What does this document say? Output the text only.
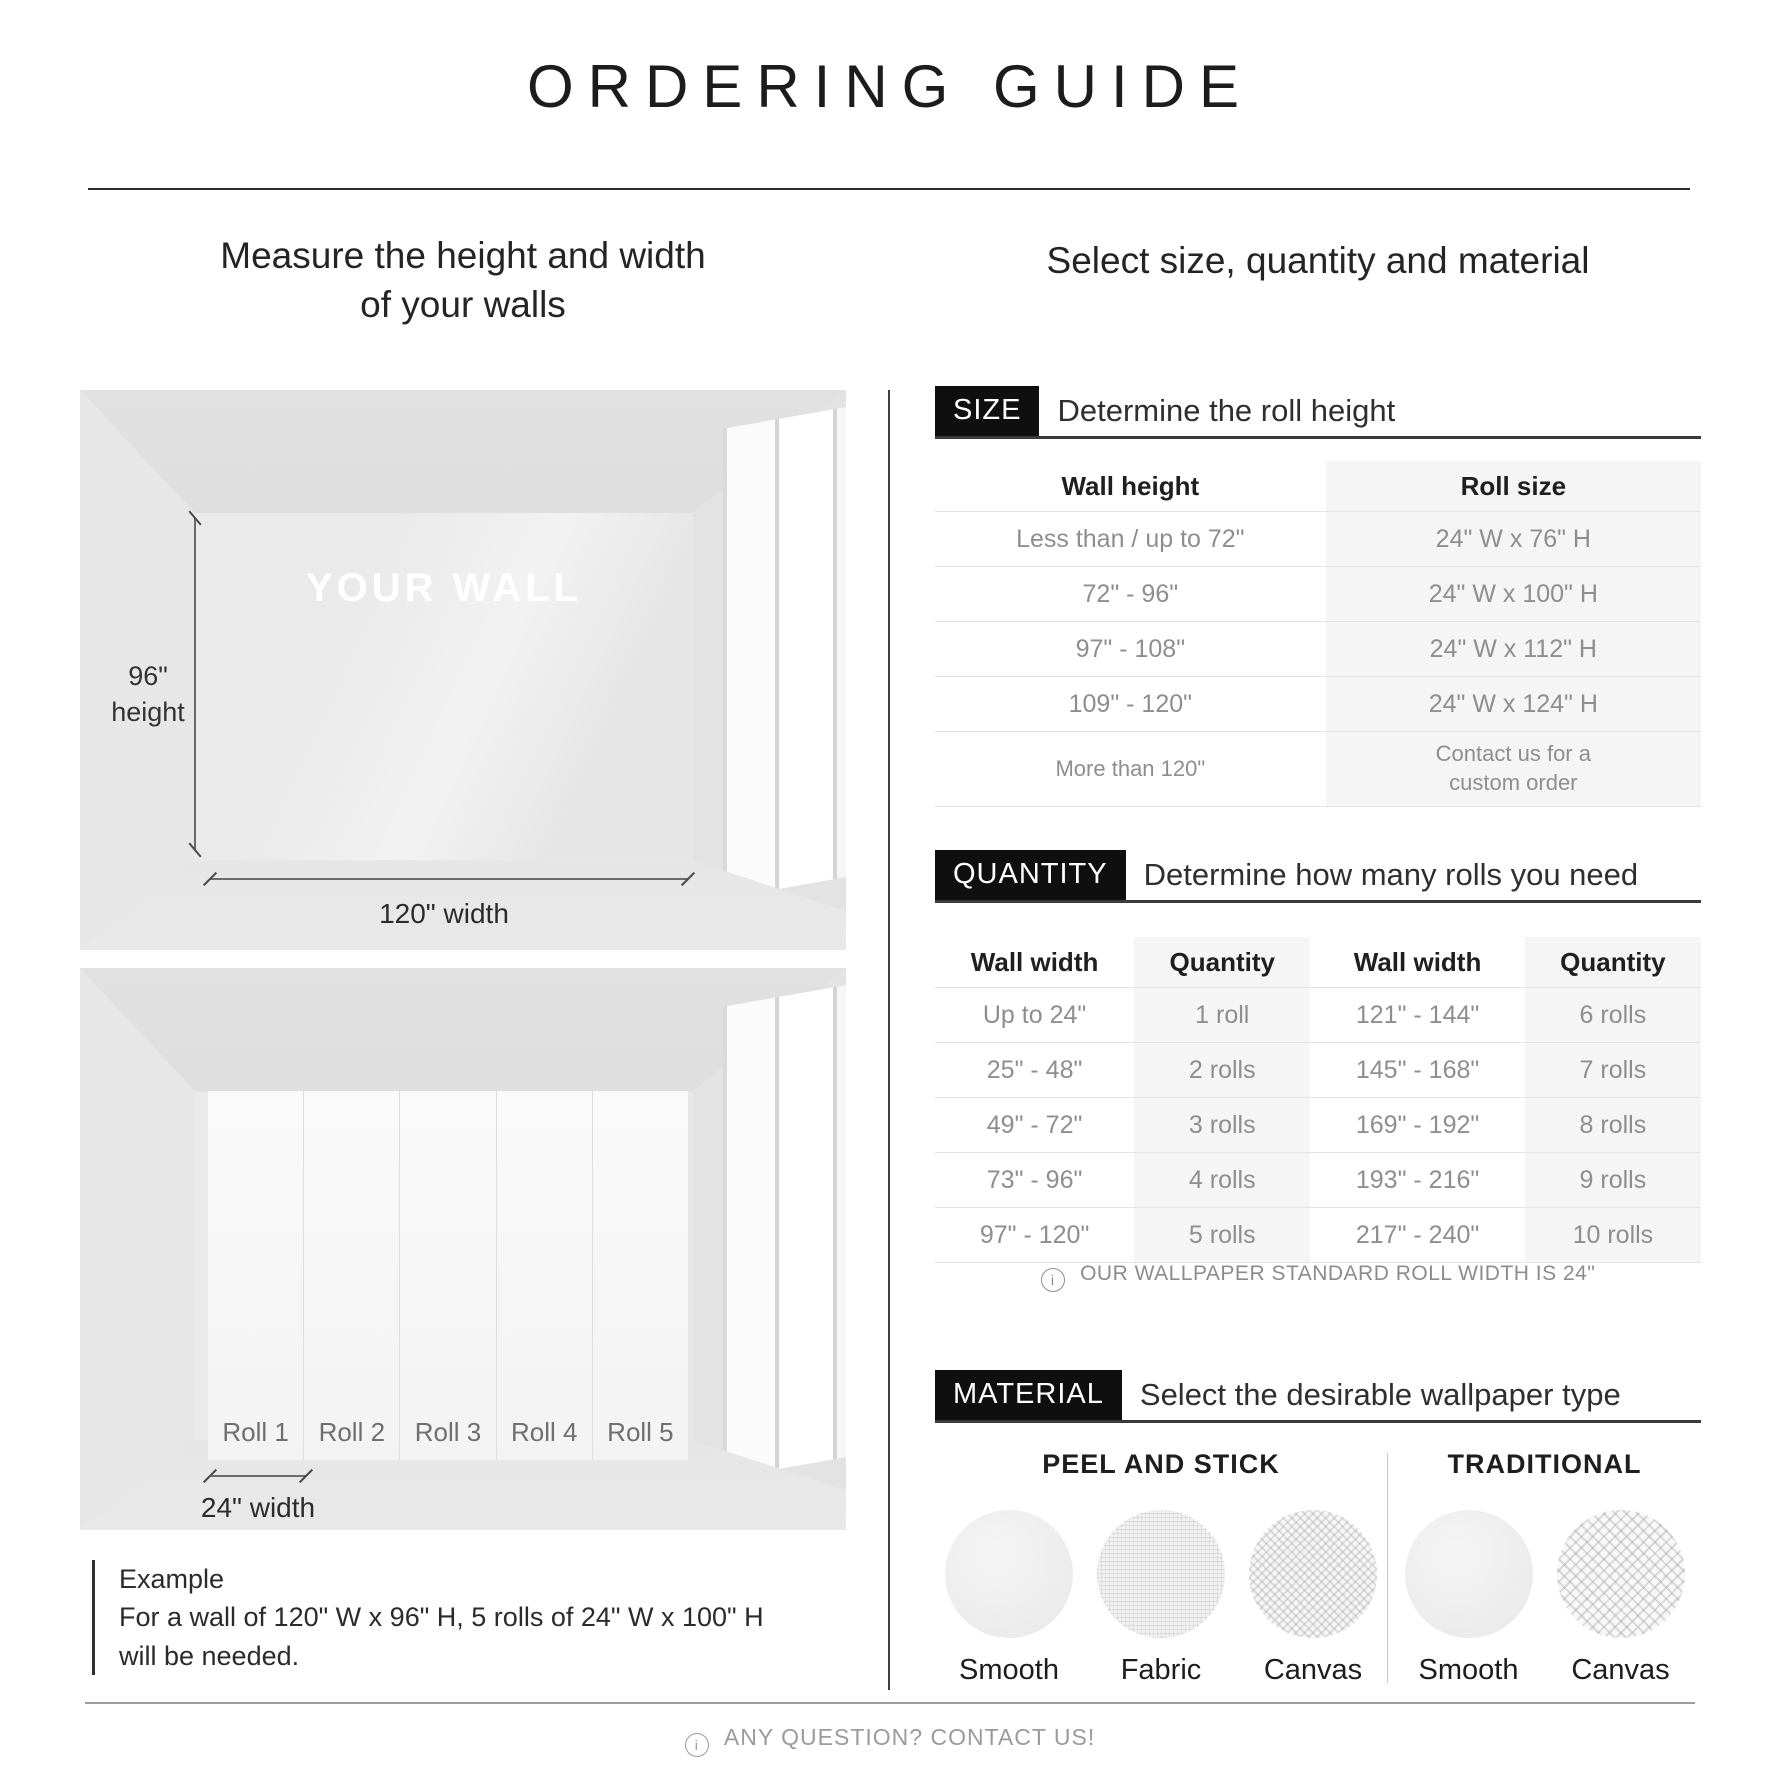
ORDERING GUIDE
Measure the height and width
of your walls
Select size, quantity and material
96"
height
YOUR WALL
120" width
Roll 1	Roll 2	Roll 3	Roll 4	Roll 5
24" width
Example
For a wall of 120" W x 96" H, 5 rolls of 24" W x 100" H
will be needed.
SIZE	Determine the roll height
Wall height	Roll size
Less than / up to 72"	24" W x 76" H
72" - 96"	24" W x 100" H
97" - 108"	24" W x 112" H
109" - 120"	24" W x 124" H
More than 120"	Contact us for a custom order
QUANTITY	Determine how many rolls you need
Wall width	Quantity	Wall width	Quantity
Up to 24"	1 roll	121" - 144"	6 rolls
25" - 48"	2 rolls	145" - 168"	7 rolls
49" - 72"	3 rolls	169" - 192"	8 rolls
73" - 96"	4 rolls	193" - 216"	9 rolls
97" - 120"	5 rolls	217" - 240"	10 rolls
i OUR WALLPAPER STANDARD ROLL WIDTH IS 24"
MATERIAL	Select the desirable wallpaper type
PEEL AND STICK
Smooth Fabric Canvas
TRADITIONAL
Smooth Canvas
i ANY QUESTION? CONTACT US!
